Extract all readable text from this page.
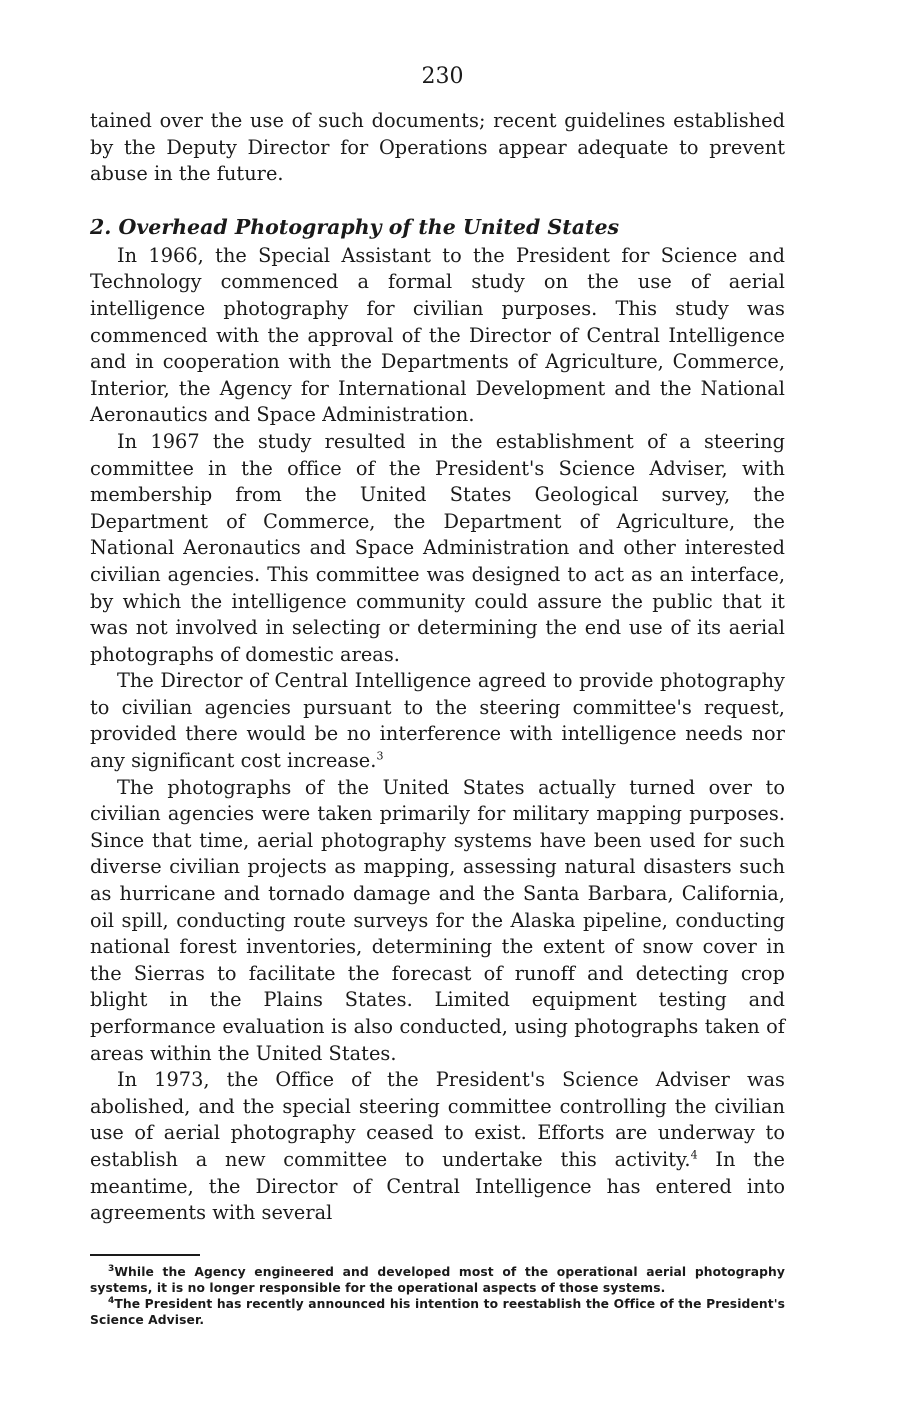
230

tained over the use of such documents; recent guidelines established by the Deputy Director for Operations appear adequate to prevent abuse in the future.

2. Overhead Photography of the United States

In 1966, the Special Assistant to the President for Science and Technology commenced a formal study on the use of aerial intelligence photography for civilian purposes. This study was commenced with the approval of the Director of Central Intelligence and in cooperation with the Departments of Agriculture, Commerce, Interior, the Agency for International Development and the National Aeronautics and Space Administration.

In 1967 the study resulted in the establishment of a steering committee in the office of the President's Science Adviser, with membership from the United States Geological survey, the Department of Commerce, the Department of Agriculture, the National Aeronautics and Space Administration and other interested civilian agencies. This committee was designed to act as an interface, by which the intelligence community could assure the public that it was not involved in selecting or determining the end use of its aerial photographs of domestic areas.

The Director of Central Intelligence agreed to provide photography to civilian agencies pursuant to the steering committee's request, provided there would be no interference with intelligence needs nor any significant cost increase.$^3$

The photographs of the United States actually turned over to civilian agencies were taken primarily for military mapping purposes. Since that time, aerial photography systems have been used for such diverse civilian projects as mapping, assessing natural disasters such as hurricane and tornado damage and the Santa Barbara, California, oil spill, conducting route surveys for the Alaska pipeline, conducting national forest inventories, determining the extent of snow cover in the Sierras to facilitate the forecast of runoff and detecting crop blight in the Plains States. Limited equipment testing and performance evaluation is also conducted, using photographs taken of areas within the United States.

In 1973, the Office of the President's Science Adviser was abolished, and the special steering committee controlling the civilian use of aerial photography ceased to exist. Efforts are underway to establish a new committee to undertake this activity.$^4$ In the meantime, the Director of Central Intelligence has entered into agreements with several

$^3$While the Agency engineered and developed most of the operational aerial photography systems, it is no longer responsible for the operational aspects of those systems.

$^4$The President has recently announced his intention to reestablish the Office of the President's Science Adviser.
